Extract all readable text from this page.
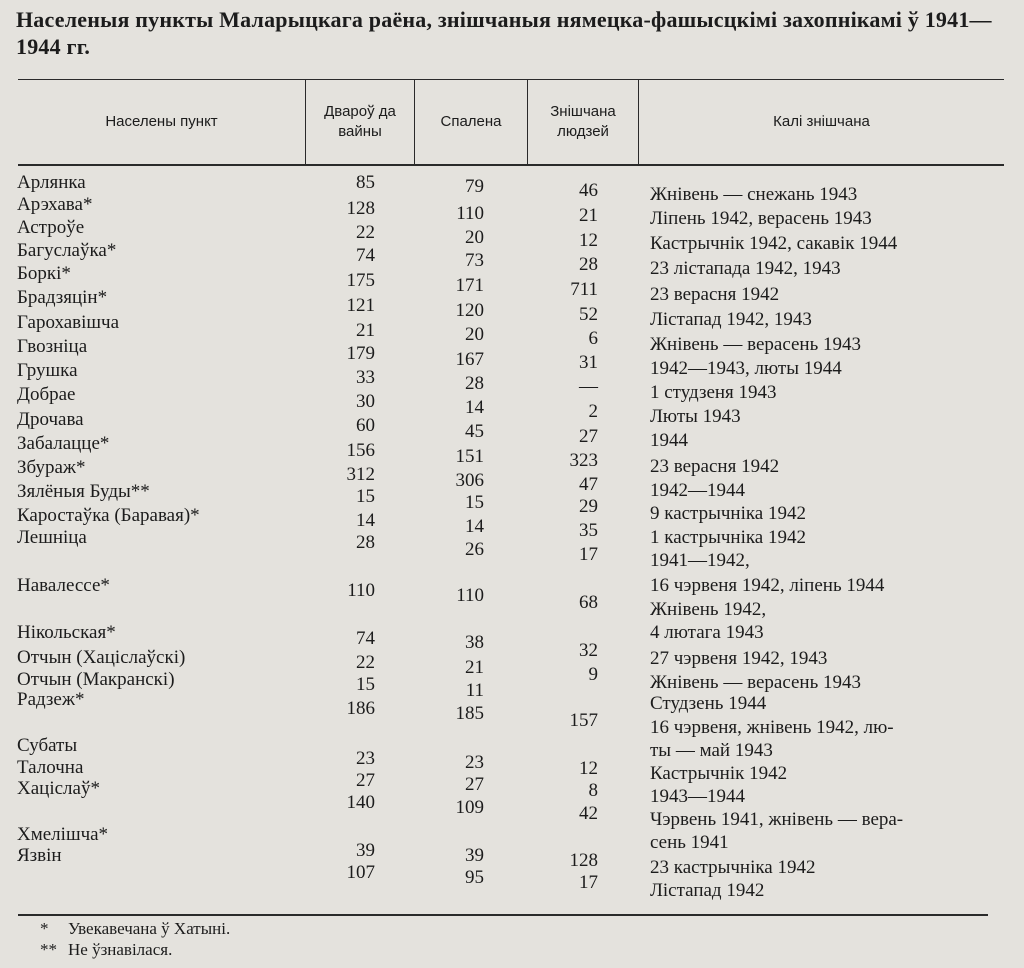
Населеныя пункты Маларыцкага раёна, знішчаныя нямецка-фашысцкімі захопнікамі ў 1941—1944 гг.
Населены пункт
Двароў да вайны
Спалена
Знішчана людзей
Калі знішчана
Арлянка
Арэхава*
Астроўе
Багуслаўка*
Боркі*
Брадзяцін*
Гарохавішча
Гвозніца
Грушка
Добрае
Дрочава
Забалацце*
Збураж*
Зялёныя Буды**
Каростаўка (Баравая)*
Лешніца
Навалессе*
Нікольская*
Отчын (Хаціслаўскі)
Отчын (Макранскі)
Радзеж*
Субаты
Талочна
Хаціслаў*
Хмелішча*
Язвін
85
128
22
74
175
121
21
179
33
30
60
156
312
15
14
28
110
74
22
15
186
23
27
140
39
107
79
110
20
73
171
120
20
167
28
14
45
151
306
15
14
26
110
38
21
11
185
23
27
109
39
95
46
21
12
28
711
52
6
31
—
2
27
323
47
29
35
17
68
32
9
157
12
8
42
128
17
Жнівень — снежань 1943
Ліпень 1942, верасень 1943
Кастрычнік 1942, сакавік 1944
23 лістапада 1942, 1943
23 верасня 1942
Лістапад 1942, 1943
Жнівень — верасень 1943
1942—1943, люты 1944
1 студзеня 1943
Люты 1943
1944
23 верасня 1942
1942—1944
9 кастрычніка 1942
1 кастрычніка 1942
1941—1942,
16 чэрвеня 1942, ліпень 1944
Жнівень 1942,
4 лютага 1943
27 чэрвеня 1942, 1943
Жнівень — верасень 1943
Студзень 1944
16 чэрвеня, жнівень 1942, лю-
ты — май 1943
Кастрычнік 1942
1943—1944
Чэрвень 1941, жнівень — вера-
сень 1941
23 кастрычніка 1942
Лістапад 1942
* Увекавечана ў Хатыні.
** Не ўзнавілася.
